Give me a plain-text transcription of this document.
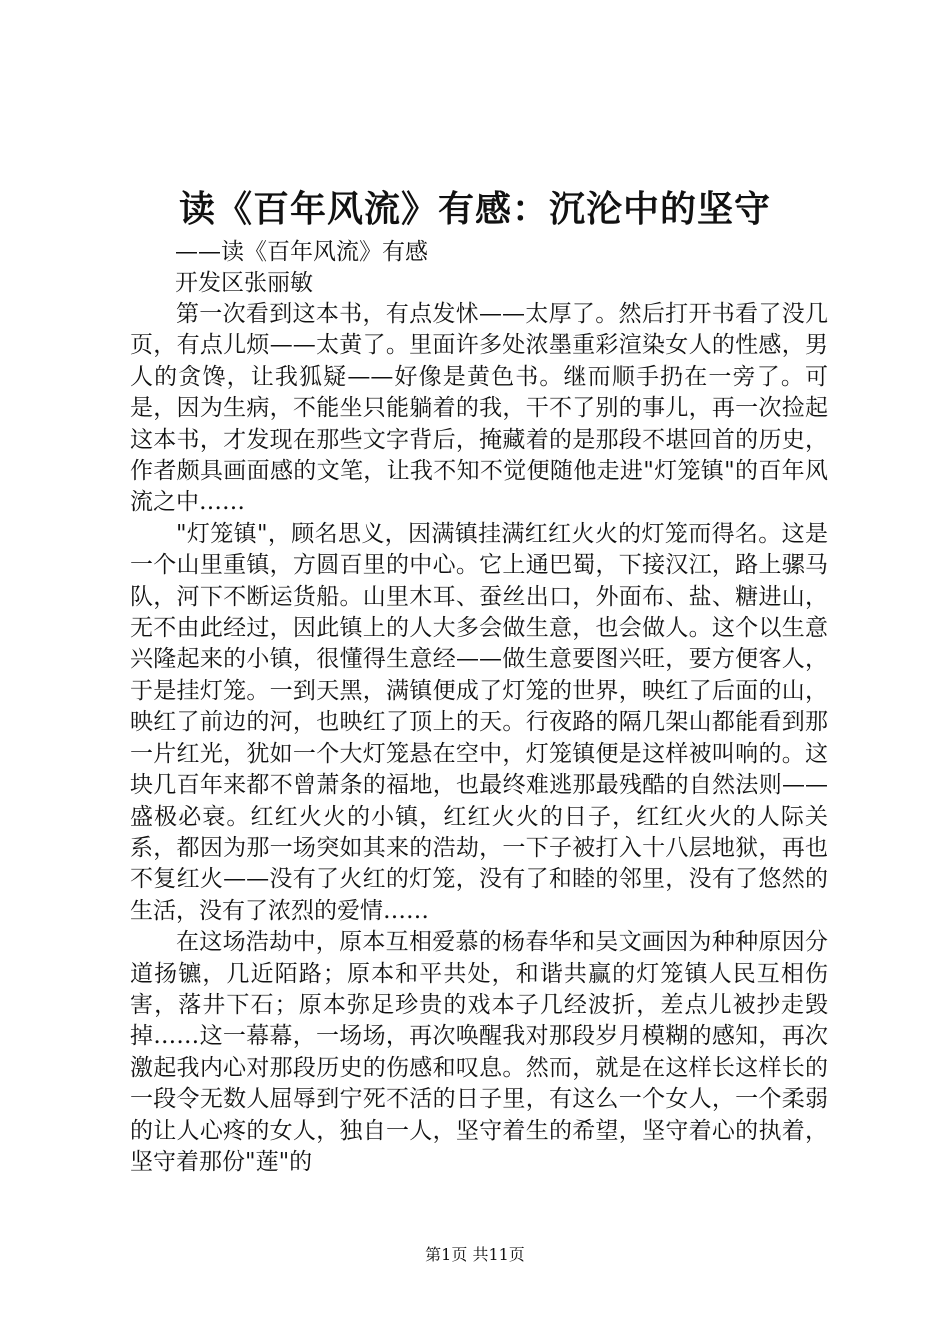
读《百年风流》有感：沉沦中的坚守
——读《百年风流》有感
开发区张丽敏

第一次看到这本书，有点发怵——太厚了。然后打开书看了没几页，有点儿烦——太黄了。里面许多处浓墨重彩渲染女人的性感，男人的贪馋，让我狐疑——好像是黄色书。继而顺手扔在一旁了。可是，因为生病，不能坐只能躺着的我，干不了别的事儿，再一次捡起这本书，才发现在那些文字背后，掩藏着的是那段不堪回首的历史，作者颇具画面感的文笔，让我不知不觉便随他走进"灯笼镇"的百年风流之中……

"灯笼镇"，顾名思义，因满镇挂满红红火火的灯笼而得名。这是一个山里重镇，方圆百里的中心。它上通巴蜀，下接汉江，路上骡马队，河下不断运货船。山里木耳、蚕丝出口，外面布、盐、糖进山，无不由此经过，因此镇上的人大多会做生意，也会做人。这个以生意兴隆起来的小镇，很懂得生意经——做生意要图兴旺，要方便客人，于是挂灯笼。一到天黑，满镇便成了灯笼的世界，映红了后面的山，映红了前边的河，也映红了顶上的天。行夜路的隔几架山都能看到那一片红光，犹如一个大灯笼悬在空中，灯笼镇便是这样被叫响的。这块几百年来都不曾萧条的福地，也最终难逃那最残酷的自然法则——盛极必衰。红红火火的小镇，红红火火的日子，红红火火的人际关系，都因为那一场突如其来的浩劫，一下子被打入十八层地狱，再也不复红火——没有了火红的灯笼，没有了和睦的邻里，没有了悠然的生活，没有了浓烈的爱情……

在这场浩劫中，原本互相爱慕的杨春华和吴文画因为种种原因分道扬镳，几近陌路；原本和平共处，和谐共赢的灯笼镇人民互相伤害，落井下石；原本弥足珍贵的戏本子几经波折，差点儿被抄走毁掉……这一幕幕，一场场，再次唤醒我对那段岁月模糊的感知，再次激起我内心对那段历史的伤感和叹息。然而，就是在这样长这样长的一段令无数人屈辱到宁死不活的日子里，有这么一个女人，一个柔弱的让人心疼的女人，独自一人，坚守着生的希望，坚守着心的执着，坚守着那份"莲"的

第1页 共11页
